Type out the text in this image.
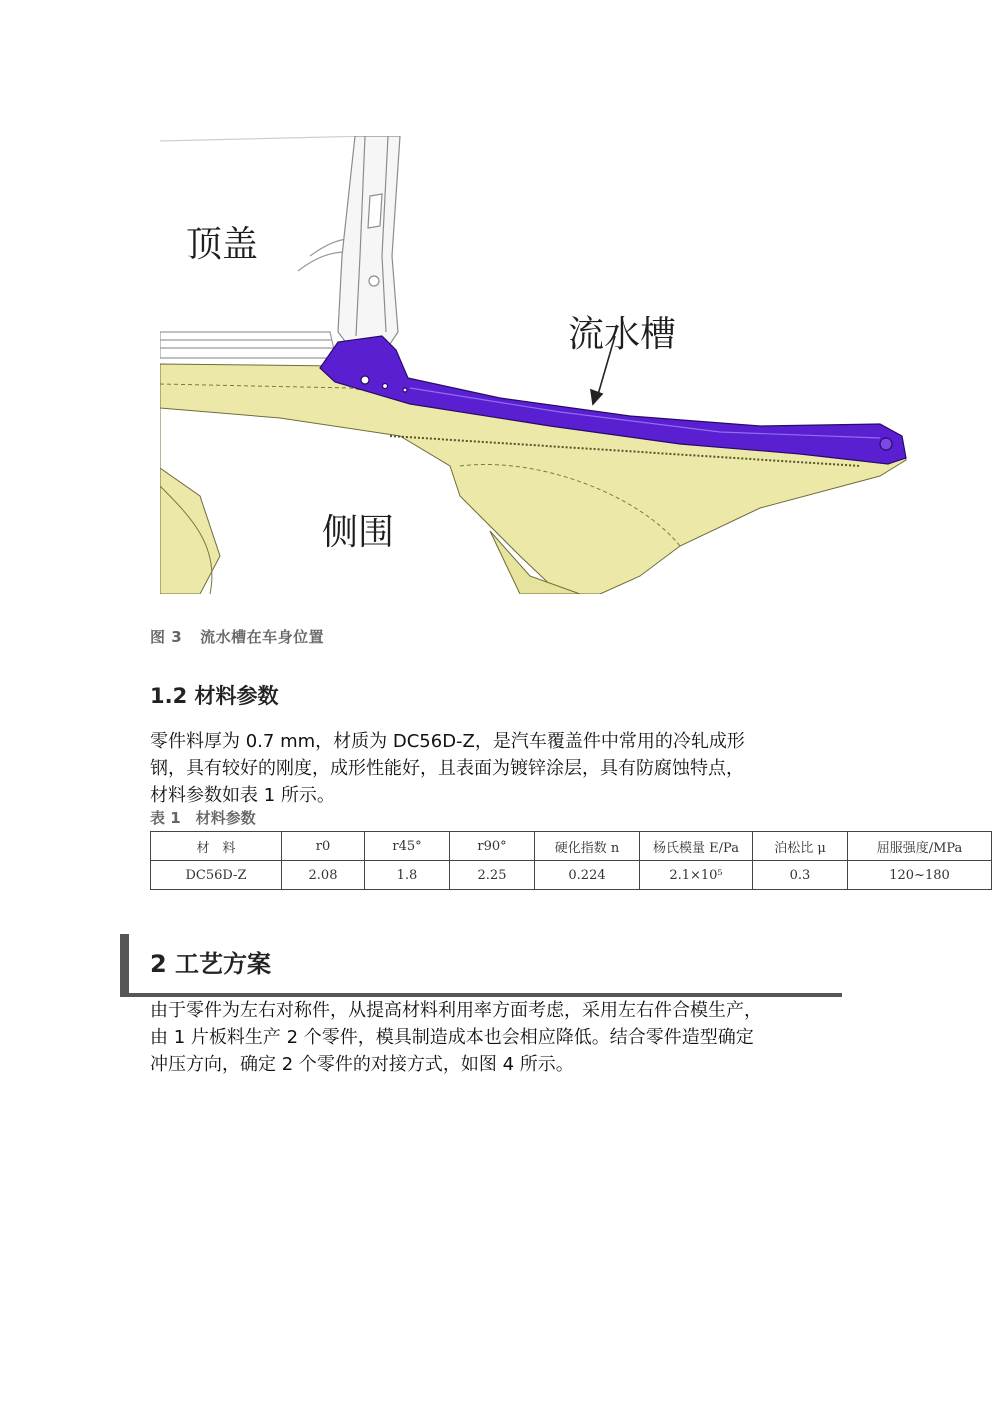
顶盖
流水槽
侧围
图 3 流水槽在车身位置
1.2 材料参数
零件料厚为 0.7 mm，材质为 DC56D-Z，是汽车覆盖件中常用的冷轧成形
钢，具有较好的刚度，成形性能好，且表面为镀锌涂层，具有防腐蚀特点，
材料参数如表 1 所示。
表 1　材料参数
材　料	r0	r45°	r90°	硬化指数 n	杨氏模量 E/Pa	泊松比 μ	屈服强度/MPa
DC56D-Z	2.08	1.8	2.25	0.224	2.1×10⁵	0.3	120~180
2 工艺方案
由于零件为左右对称件，从提高材料利用率方面考虑，采用左右件合模生产，
由 1 片板料生产 2 个零件，模具制造成本也会相应降低。结合零件造型确定
冲压方向，确定 2 个零件的对接方式，如图 4 所示。
